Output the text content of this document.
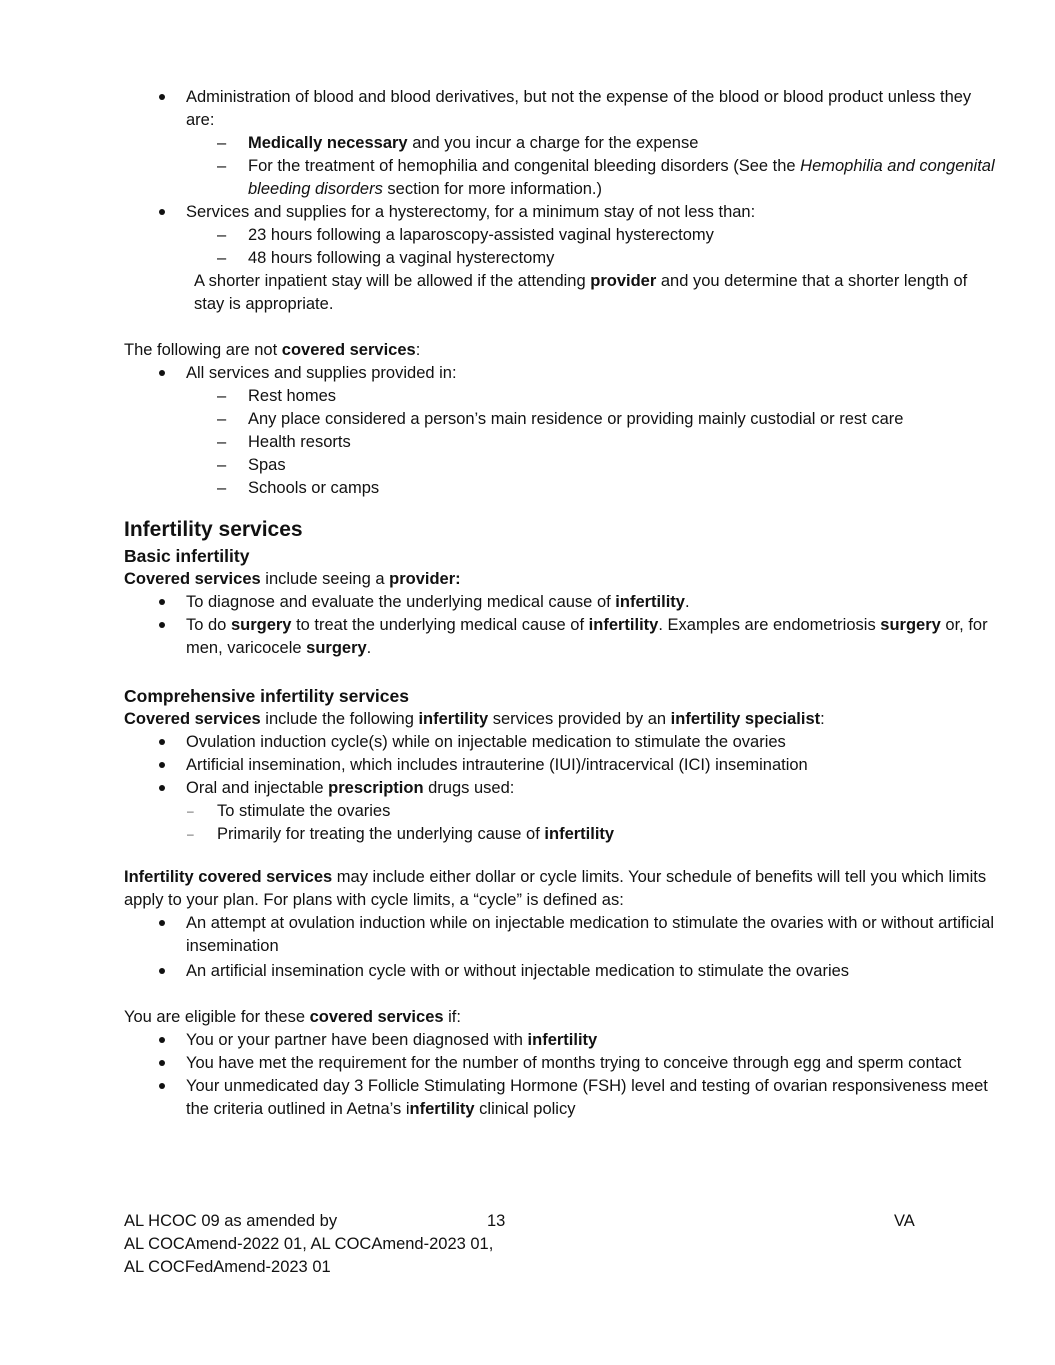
Administration of blood and blood derivatives, but not the expense of the blood or blood product unless they are:
– Medically necessary and you incur a charge for the expense
– For the treatment of hemophilia and congenital bleeding disorders (See the Hemophilia and congenital bleeding disorders section for more information.)
Services and supplies for a hysterectomy, for a minimum stay of not less than:
– 23 hours following a laparoscopy-assisted vaginal hysterectomy
– 48 hours following a vaginal hysterectomy

A shorter inpatient stay will be allowed if the attending provider and you determine that a shorter length of stay is appropriate.

The following are not covered services:

All services and supplies provided in:
– Rest homes
– Any place considered a person’s main residence or providing mainly custodial or rest care
– Health resorts
– Spas
– Schools or camps
Infertility services
Basic infertility

Covered services include seeing a provider:

To diagnose and evaluate the underlying medical cause of infertility.
To do surgery to treat the underlying medical cause of infertility. Examples are endometriosis surgery or, for men, varicocele surgery.
Comprehensive infertility services

Covered services include the following infertility services provided by an infertility specialist:

Ovulation induction cycle(s) while on injectable medication to stimulate the ovaries
Artificial insemination, which includes intrauterine (IUI)/intracervical (ICI) insemination
Oral and injectable prescription drugs used:
– To stimulate the ovaries
– Primarily for treating the underlying cause of infertility

Infertility covered services may include either dollar or cycle limits. Your schedule of benefits will tell you which limits apply to your plan. For plans with cycle limits, a “cycle” is defined as:

An attempt at ovulation induction while on injectable medication to stimulate the ovaries with or without artificial insemination
An artificial insemination cycle with or without injectable medication to stimulate the ovaries

You are eligible for these covered services if:

You or your partner have been diagnosed with infertility
You have met the requirement for the number of months trying to conceive through egg and sperm contact
Your unmedicated day 3 Follicle Stimulating Hormone (FSH) level and testing of ovarian responsiveness meet the criteria outlined in Aetna’s infertility clinical policy
AL HCOC 09 as amended by
AL COCAmend-2022 01, AL COCAmend-2023 01,
AL COCFedAmend-2023 01
13	VA
